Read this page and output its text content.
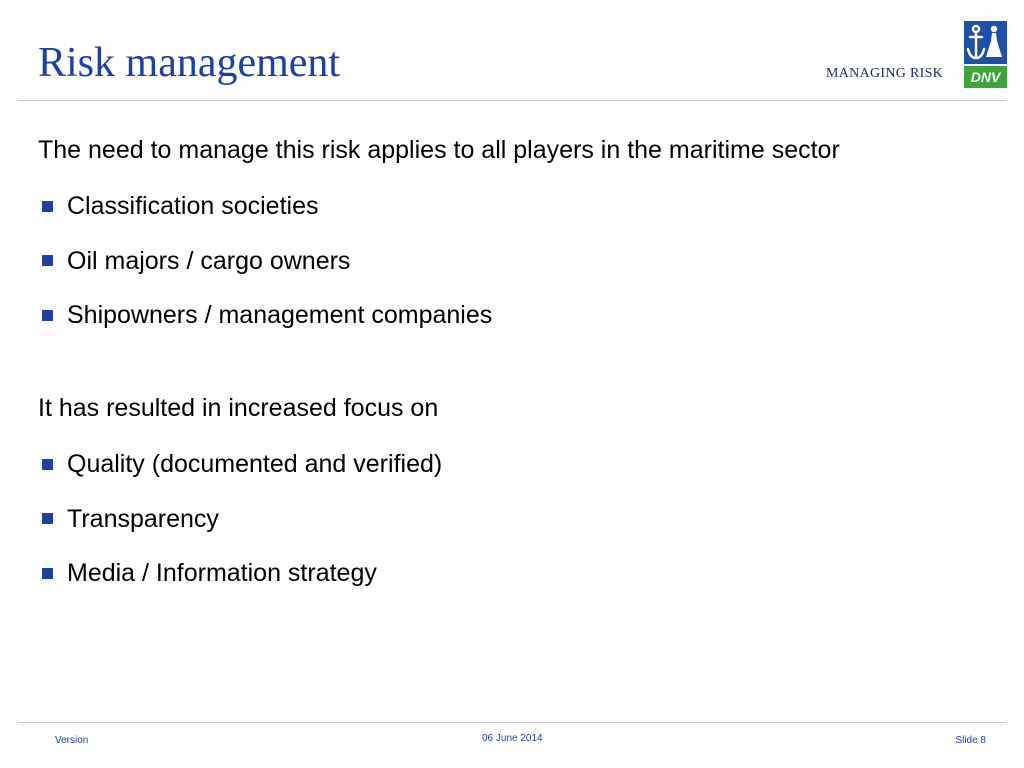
Risk management	MANAGING RISK DNV

The need to manage this risk applies to all players in the maritime sector

Classification societies
Oil majors / cargo owners
Shipowners / management companies

It has resulted in increased focus on

Quality (documented and verified)
Transparency
Media / Information strategy
Version	06 June 2014	Slide 8
